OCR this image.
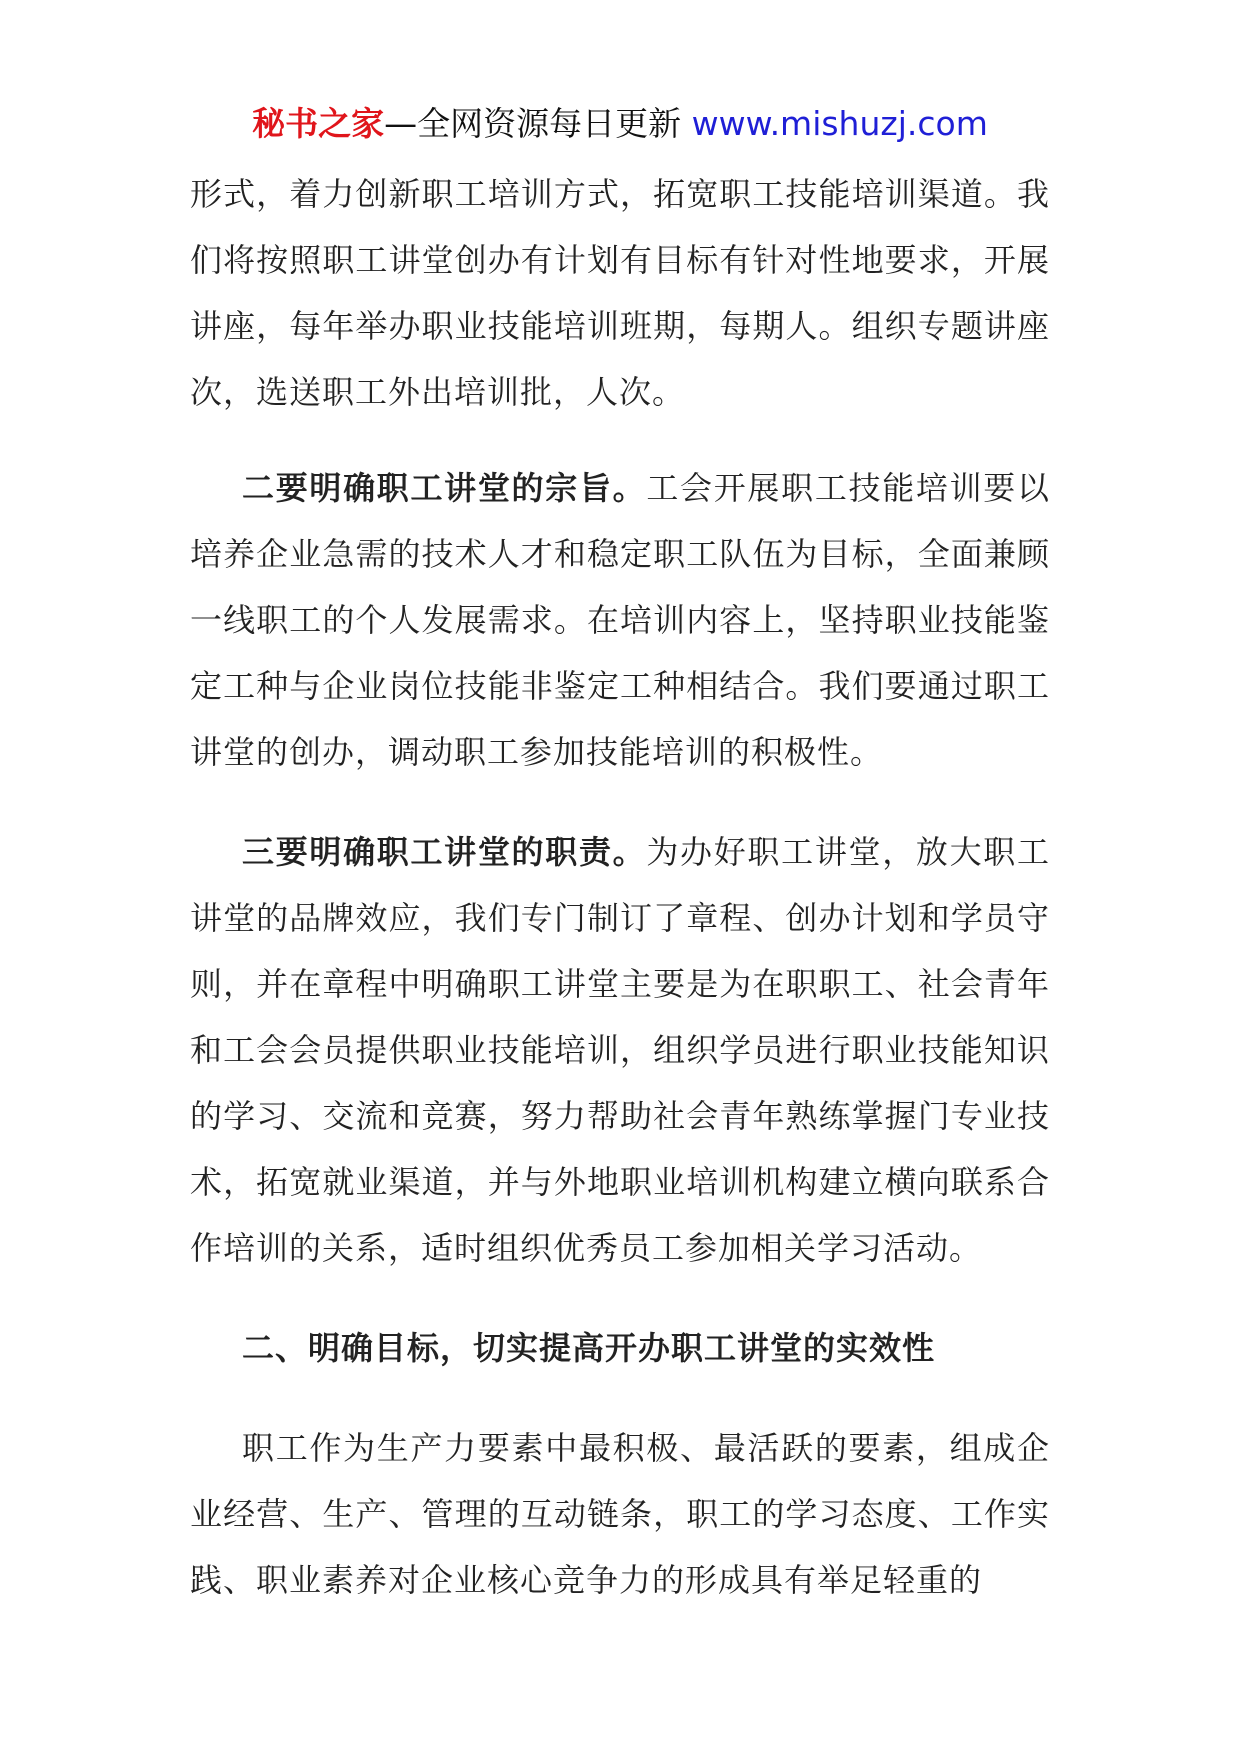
秘书之家—全网资源每日更新 www.mishuzj.com

形式，着力创新职工培训方式，拓宽职工技能培训渠道。我们将按照职工讲堂创办有计划有目标有针对性地要求，开展讲座，每年举办职业技能培训班期，每期人。组织专题讲座次，选送职工外出培训批，人次。

二要明确职工讲堂的宗旨。工会开展职工技能培训要以培养企业急需的技术人才和稳定职工队伍为目标，全面兼顾一线职工的个人发展需求。在培训内容上，坚持职业技能鉴定工种与企业岗位技能非鉴定工种相结合。我们要通过职工讲堂的创办，调动职工参加技能培训的积极性。

三要明确职工讲堂的职责。为办好职工讲堂，放大职工讲堂的品牌效应，我们专门制订了章程、创办计划和学员守则，并在章程中明确职工讲堂主要是为在职职工、社会青年和工会会员提供职业技能培训，组织学员进行职业技能知识的学习、交流和竞赛，努力帮助社会青年熟练掌握门专业技术，拓宽就业渠道，并与外地职业培训机构建立横向联系合作培训的关系，适时组织优秀员工参加相关学习活动。

二、明确目标，切实提高开办职工讲堂的实效性

职工作为生产力要素中最积极、最活跃的要素，组成企业经营、生产、管理的互动链条，职工的学习态度、工作实践、职业素养对企业核心竞争力的形成具有举足轻重的
